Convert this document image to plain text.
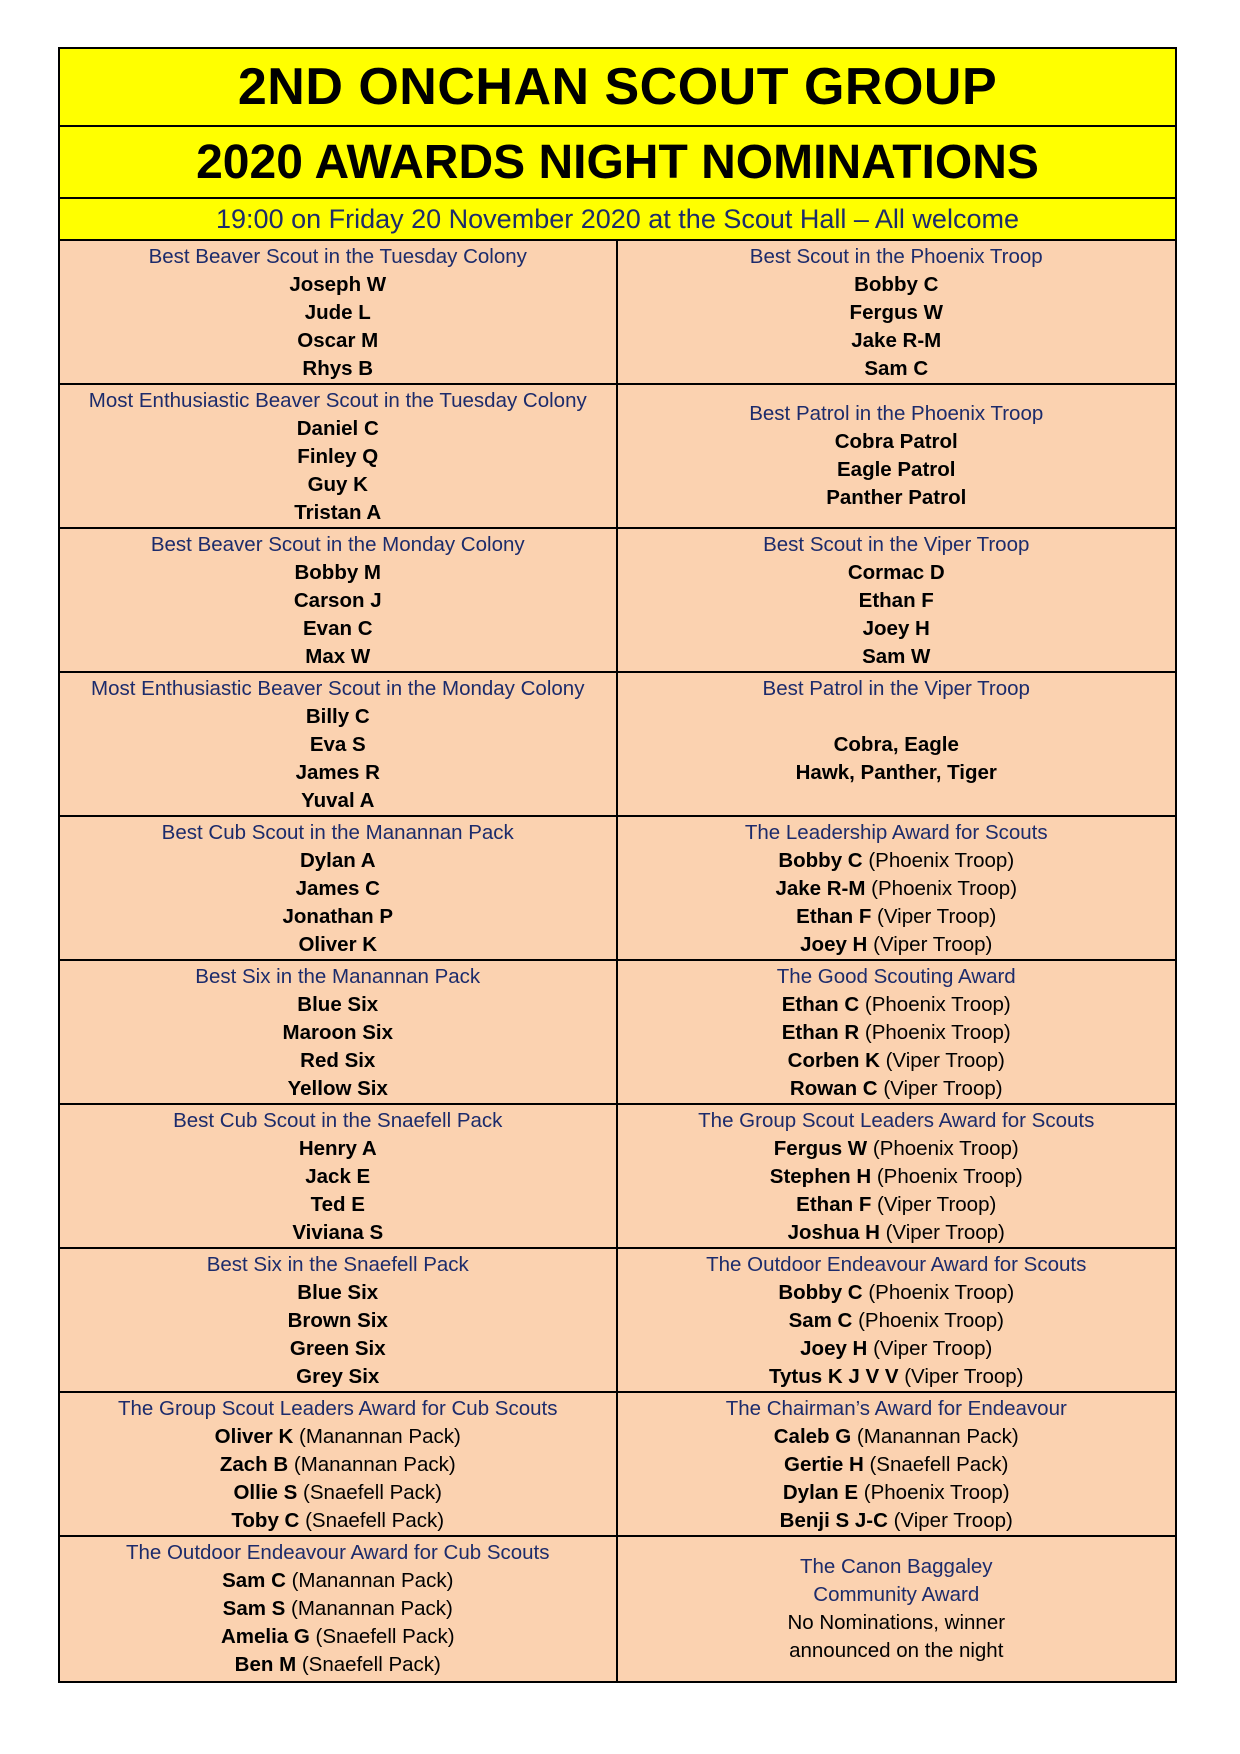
2ND ONCHAN SCOUT GROUP
2020 AWARDS NIGHT NOMINATIONS
19:00 on Friday 20 November 2020 at the Scout Hall – All welcome
Best Beaver Scout in the Tuesday Colony
Joseph W
Jude L
Oscar M
Rhys B
Best Scout in the Phoenix Troop
Bobby C
Fergus W
Jake R-M
Sam C
Most Enthusiastic Beaver Scout in the Tuesday Colony
Daniel C
Finley Q
Guy K
Tristan A
Best Patrol in the Phoenix Troop
Cobra Patrol
Eagle Patrol
Panther Patrol
Best Beaver Scout in the Monday Colony
Bobby M
Carson J
Evan C
Max W
Best Scout in the Viper Troop
Cormac D
Ethan F
Joey H
Sam W
Most Enthusiastic Beaver Scout in the Monday Colony
Billy C
Eva S
James R
Yuval A
Best Patrol in the Viper Troop
Cobra, Eagle
Hawk, Panther, Tiger
Best Cub Scout in the Manannan Pack
Dylan A
James C
Jonathan P
Oliver K
The Leadership Award for Scouts
Bobby C (Phoenix Troop)
Jake R-M (Phoenix Troop)
Ethan F (Viper Troop)
Joey H (Viper Troop)
Best Six in the Manannan Pack
Blue Six
Maroon Six
Red Six
Yellow Six
The Good Scouting Award
Ethan C (Phoenix Troop)
Ethan R (Phoenix Troop)
Corben K (Viper Troop)
Rowan C (Viper Troop)
Best Cub Scout in the Snaefell Pack
Henry A
Jack E
Ted E
Viviana S
The Group Scout Leaders Award for Scouts
Fergus W (Phoenix Troop)
Stephen H (Phoenix Troop)
Ethan F (Viper Troop)
Joshua H (Viper Troop)
Best Six in the Snaefell Pack
Blue Six
Brown Six
Green Six
Grey Six
The Outdoor Endeavour Award for Scouts
Bobby C (Phoenix Troop)
Sam C (Phoenix Troop)
Joey H (Viper Troop)
Tytus K J V V (Viper Troop)
The Group Scout Leaders Award for Cub Scouts
Oliver K (Manannan Pack)
Zach B (Manannan Pack)
Ollie S (Snaefell Pack)
Toby C (Snaefell Pack)
The Chairman’s Award for Endeavour
Caleb G (Manannan Pack)
Gertie H (Snaefell Pack)
Dylan E (Phoenix Troop)
Benji S J-C (Viper Troop)
The Outdoor Endeavour Award for Cub Scouts
Sam C (Manannan Pack)
Sam S (Manannan Pack)
Amelia G (Snaefell Pack)
Ben M (Snaefell Pack)
The Canon Baggaley
Community Award
No Nominations, winner
announced on the night
